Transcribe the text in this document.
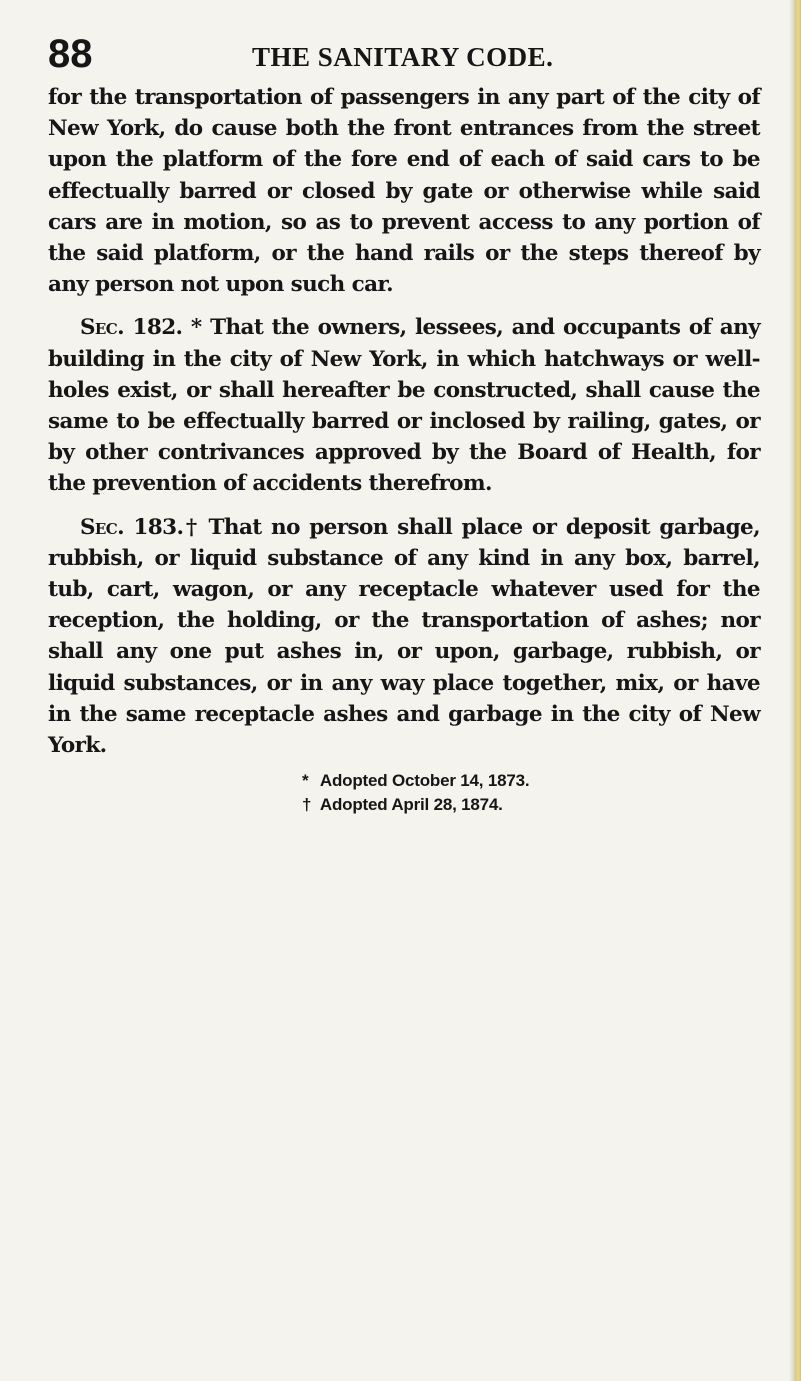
88	THE SANITARY CODE.

for the transportation of passengers in any part of the city of New York, do cause both the front entrances from the street upon the platform of the fore end of each of said cars to be effectually barred or closed by gate or otherwise while said cars are in motion, so as to prevent access to any portion of the said platform, or the hand rails or the steps thereof by any person not upon such car.

Sec. 182. * That the owners, lessees, and occupants of any building in the city of New York, in which hatchways or well-holes exist, or shall hereafter be constructed, shall cause the same to be effectually barred or inclosed by railing, gates, or by other contrivances approved by the Board of Health, for the prevention of accidents therefrom.

Sec. 183.† That no person shall place or deposit garbage, rubbish, or liquid substance of any kind in any box, barrel, tub, cart, wagon, or any receptacle whatever used for the reception, the holding, or the transportation of ashes; nor shall any one put ashes in, or upon, garbage, rubbish, or liquid substances, or in any way place together, mix, or have in the same receptacle ashes and garbage in the city of New York.

* Adopted October 14, 1873.
† Adopted April 28, 1874.
